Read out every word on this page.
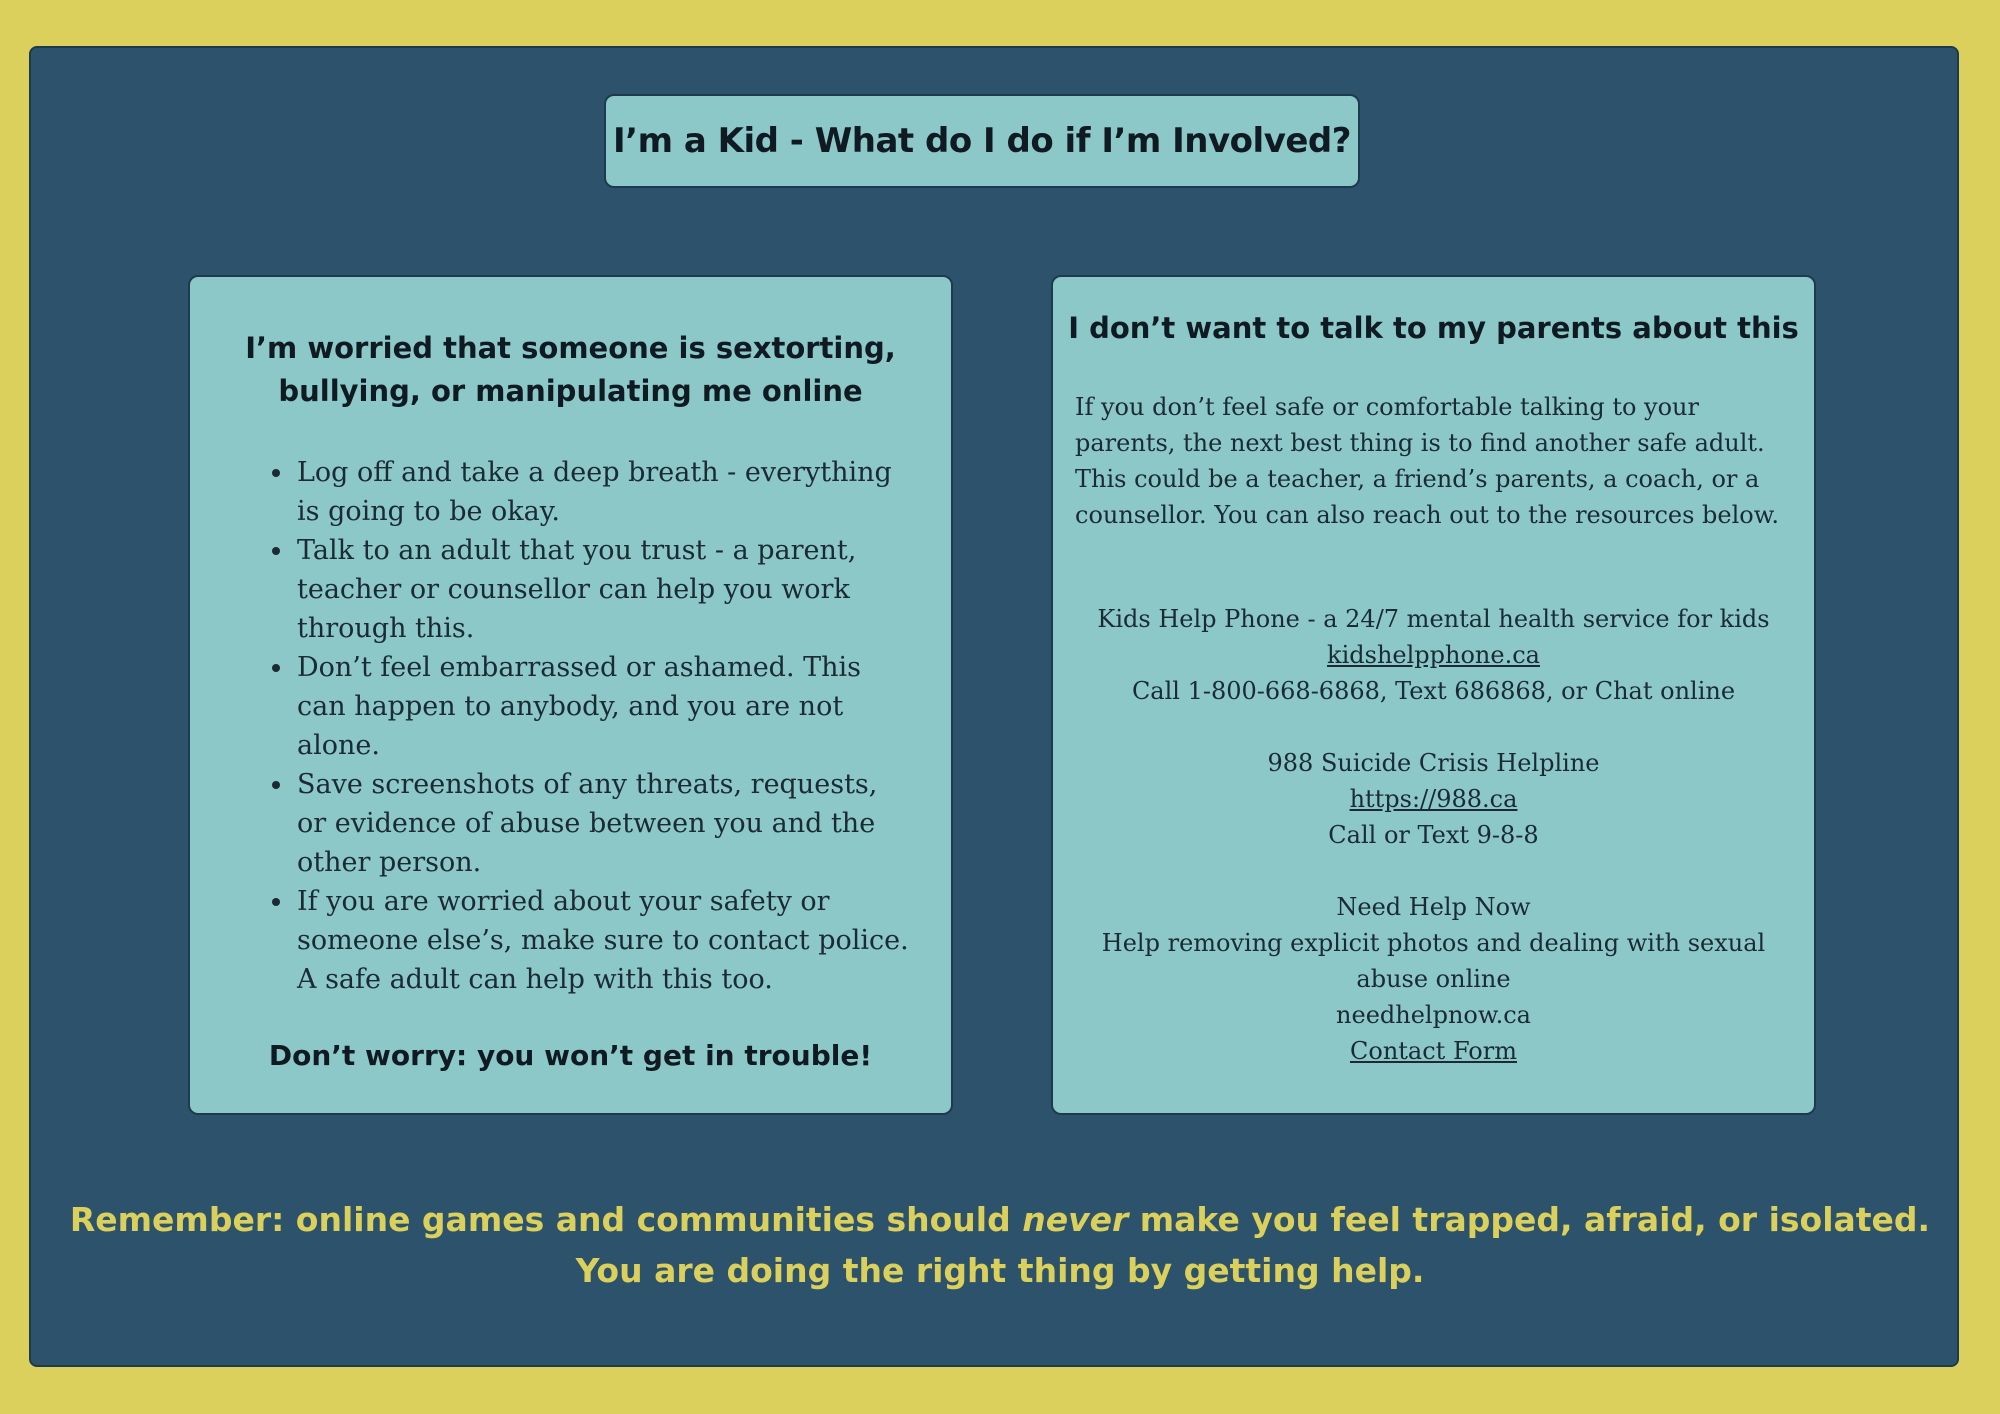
I’m a Kid - What do I do if I’m Involved?
I’m worried that someone is sextorting, bullying, or manipulating me online
• Log off and take a deep breath - everything is going to be okay.
• Talk to an adult that you trust - a parent, teacher or counsellor can help you work through this.
• Don’t feel embarrassed or ashamed. This can happen to anybody, and you are not alone.
• Save screenshots of any threats, requests, or evidence of abuse between you and the other person.
• If you are worried about your safety or someone else’s, make sure to contact police. A safe adult can help with this too.

Don’t worry: you won’t get in trouble!

I don’t want to talk to my parents about this

If you don’t feel safe or comfortable talking to your parents, the next best thing is to find another safe adult. This could be a teacher, a friend’s parents, a coach, or a counsellor. You can also reach out to the resources below.

Kids Help Phone - a 24/7 mental health service for kids
kidshelpphone.ca
Call 1-800-668-6868, Text 686868, or Chat online
988 Suicide Crisis Helpline
https://988.ca
Call or Text 9-8-8
Need Help Now
Help removing explicit photos and dealing with sexual abuse online
needhelpnow.ca
Contact Form
Remember: online games and communities should never make you feel trapped, afraid, or isolated.
You are doing the right thing by getting help.
